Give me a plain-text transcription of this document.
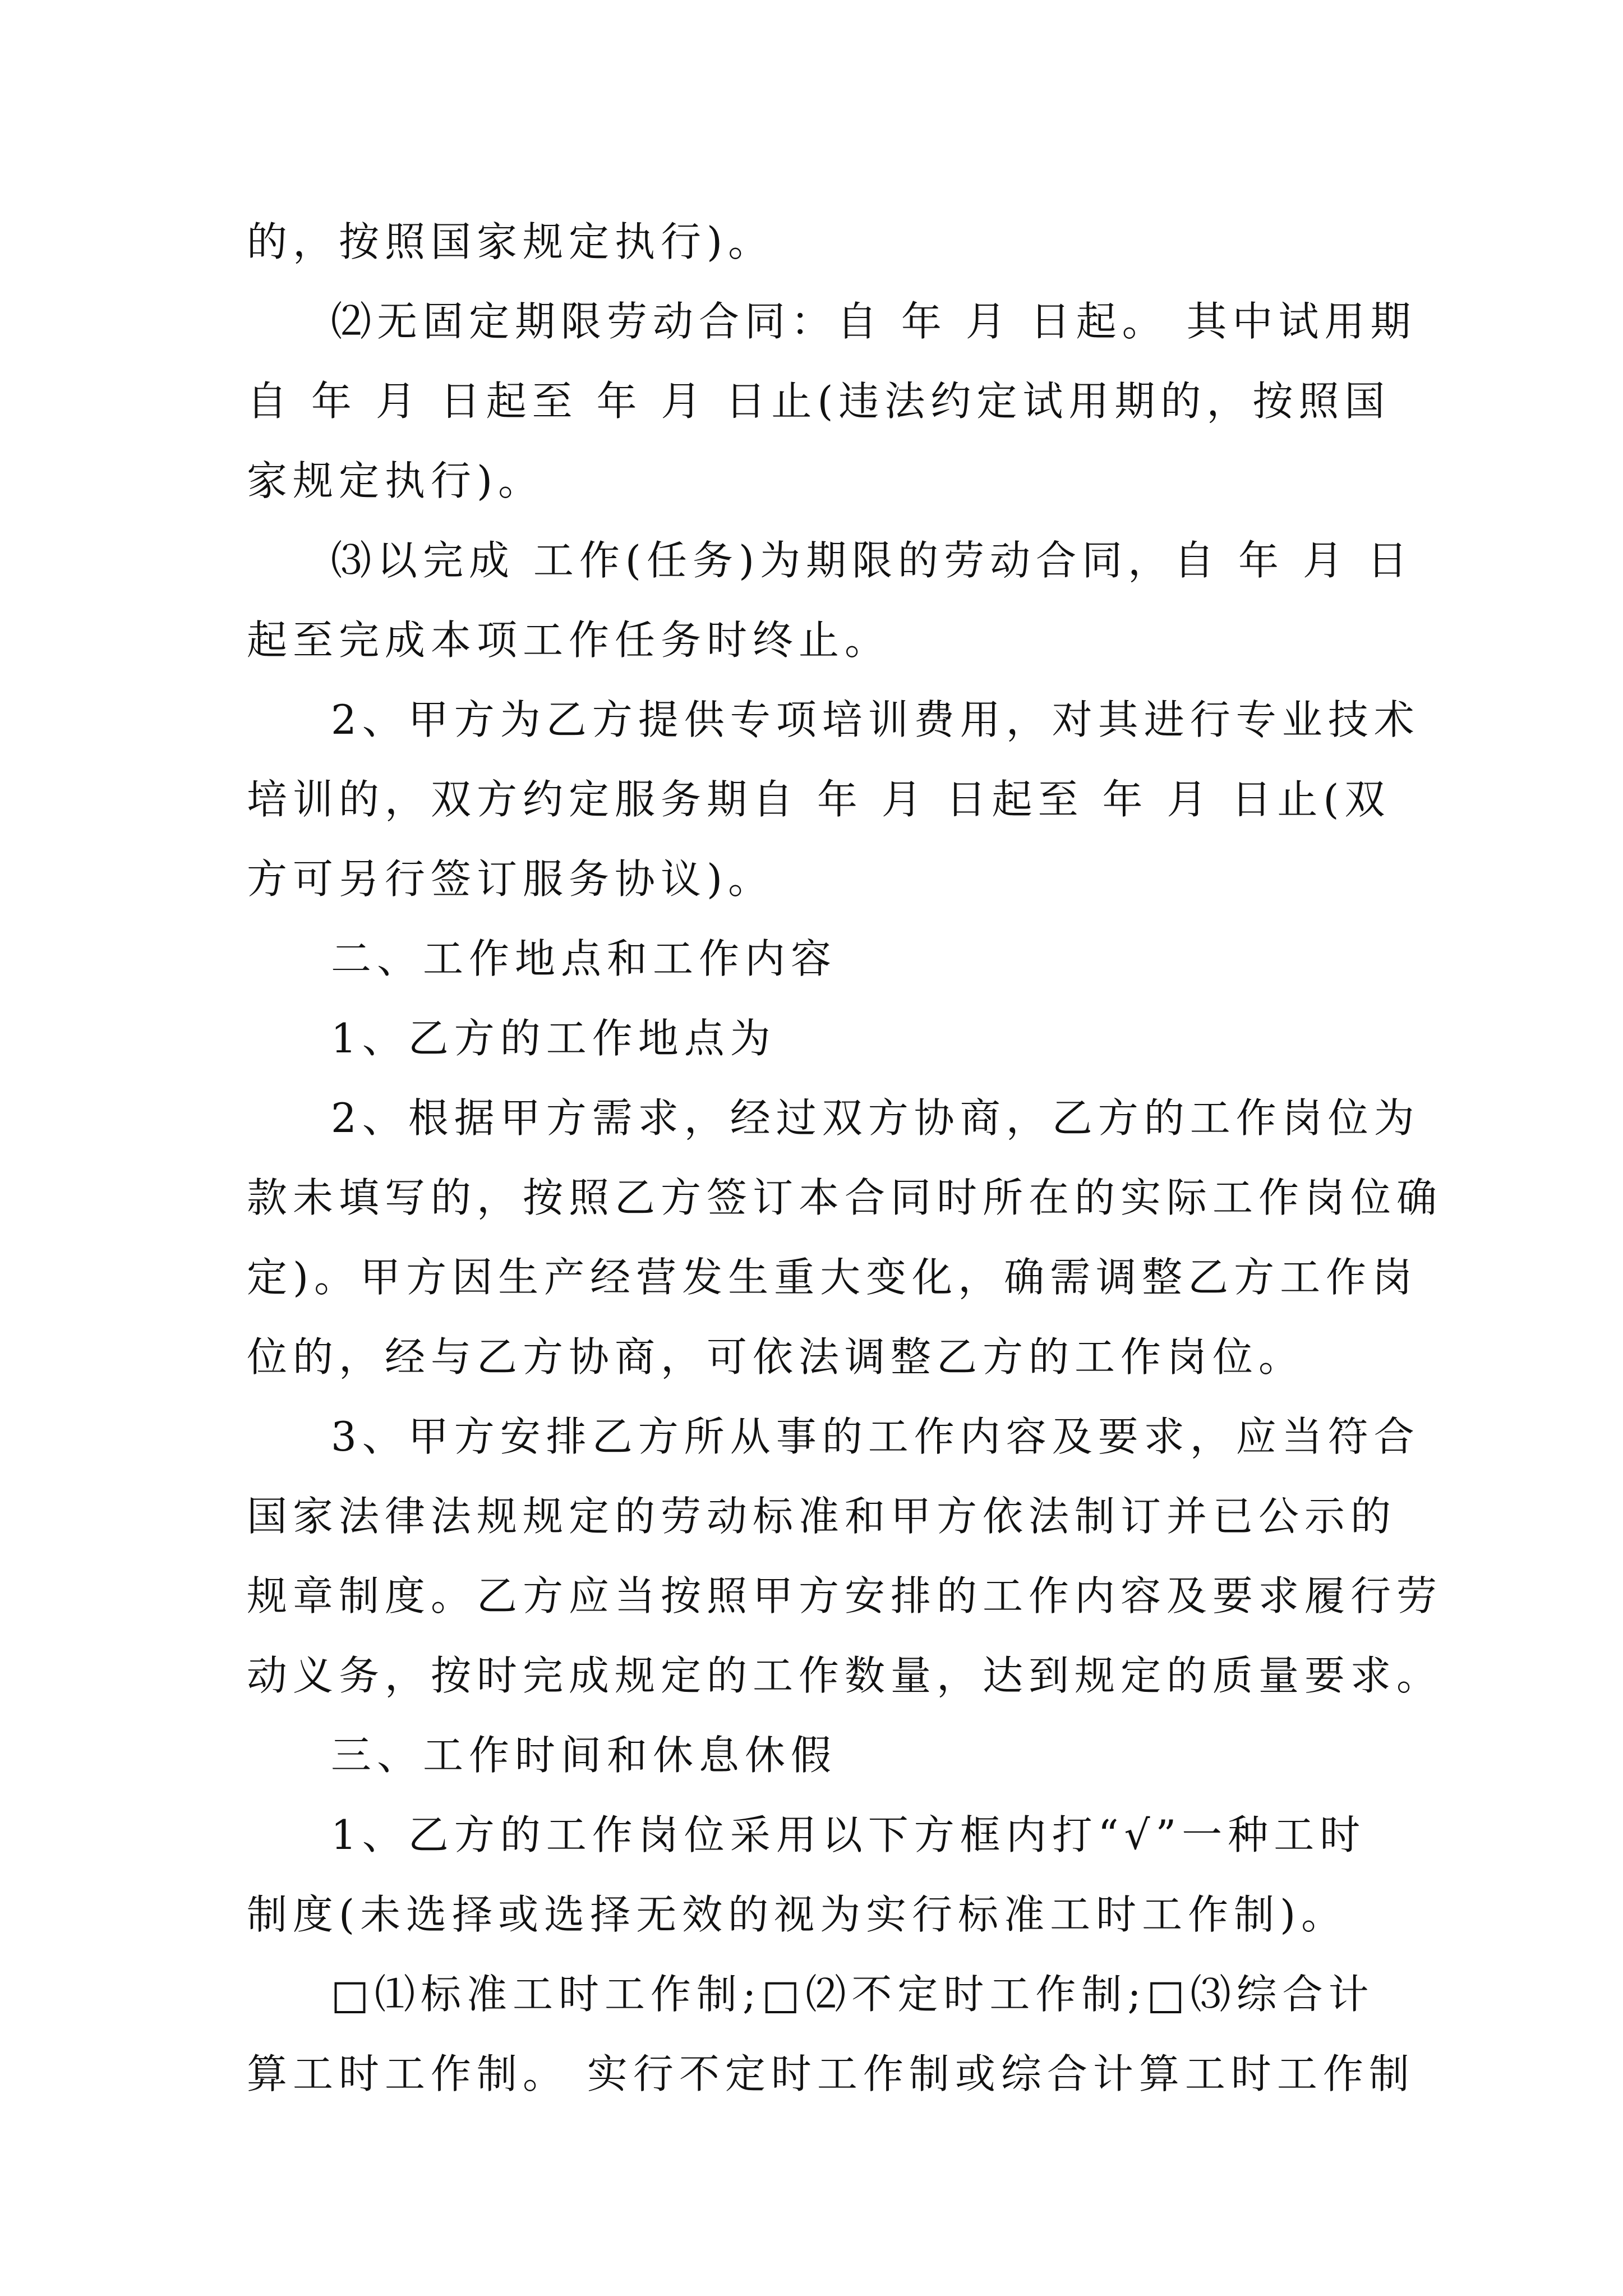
的，按照国家规定执行)。

⑵无固定期限劳动合同：自 年 月 日起。 其中试用期
自 年 月 日起至 年 月 日止(违法约定试用期的，按照国
家规定执行)。

⑶以完成 工作(任务)为期限的劳动合同，自 年 月 日
起至完成本项工作任务时终止。

2、甲方为乙方提供专项培训费用，对其进行专业技术
培训的，双方约定服务期自 年 月 日起至 年 月 日止(双
方可另行签订服务协议)。

二、工作地点和工作内容

1、乙方的工作地点为

2、根据甲方需求，经过双方协商，乙方的工作岗位为
款未填写的，按照乙方签订本合同时所在的实际工作岗位确
定)。甲方因生产经营发生重大变化，确需调整乙方工作岗
位的，经与乙方协商，可依法调整乙方的工作岗位。

3、甲方安排乙方所从事的工作内容及要求，应当符合
国家法律法规规定的劳动标准和甲方依法制订并已公示的
规章制度。乙方应当按照甲方安排的工作内容及要求履行劳
动义务，按时完成规定的工作数量，达到规定的质量要求。

三、工作时间和休息休假

1、乙方的工作岗位采用以下方框内打“√”一种工时
制度(未选择或选择无效的视为实行标准工时工作制)。

□⑴标准工时工作制;□⑵不定时工作制;□⑶综合计
算工时工作制。 实行不定时工作制或综合计算工时工作制
